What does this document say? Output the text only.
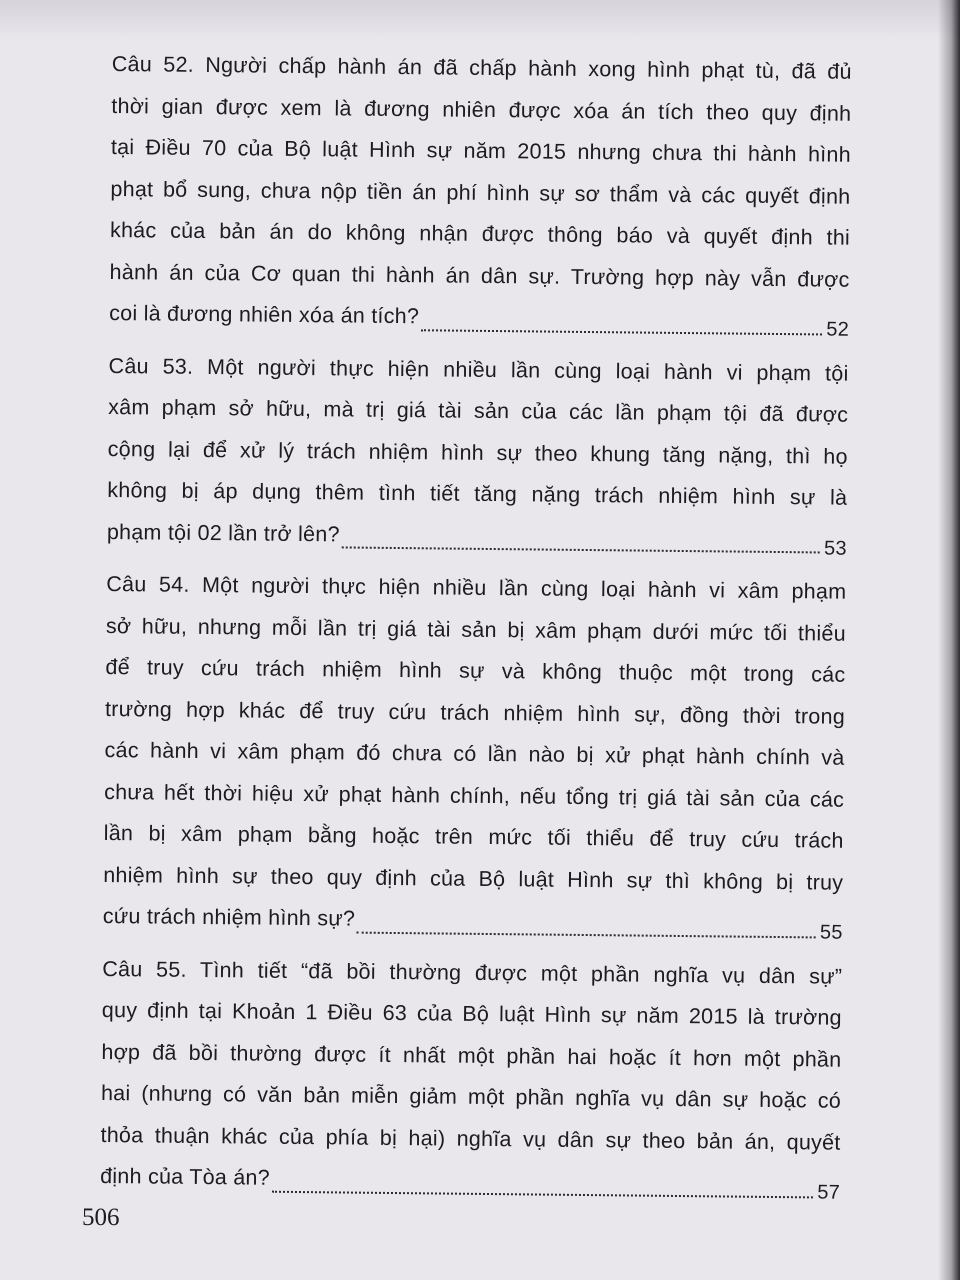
Câu 52. Người chấp hành án đã chấp hành xong hình phạt tù, đã đủ
thời gian được xem là đương nhiên được xóa án tích theo quy định
tại Điều 70 của Bộ luật Hình sự năm 2015 nhưng chưa thi hành hình
phạt bổ sung, chưa nộp tiền án phí hình sự sơ thẩm và các quyết định
khác của bản án do không nhận được thông báo và quyết định thi
hành án của Cơ quan thi hành án dân sự. Trường hợp này vẫn được
coi là đương nhiên xóa án tích?
52
Câu 53. Một người thực hiện nhiều lần cùng loại hành vi phạm tội
xâm phạm sở hữu, mà trị giá tài sản của các lần phạm tội đã được
cộng lại để xử lý trách nhiệm hình sự theo khung tăng nặng, thì họ
không bị áp dụng thêm tình tiết tăng nặng trách nhiệm hình sự là
phạm tội 02 lần trở lên?
53
Câu 54. Một người thực hiện nhiều lần cùng loại hành vi xâm phạm
sở hữu, nhưng mỗi lần trị giá tài sản bị xâm phạm dưới mức tối thiểu
để truy cứu trách nhiệm hình sự và không thuộc một trong các
trường hợp khác để truy cứu trách nhiệm hình sự, đồng thời trong
các hành vi xâm phạm đó chưa có lần nào bị xử phạt hành chính và
chưa hết thời hiệu xử phạt hành chính, nếu tổng trị giá tài sản của các
lần bị xâm phạm bằng hoặc trên mức tối thiểu để truy cứu trách
nhiệm hình sự theo quy định của Bộ luật Hình sự thì không bị truy
cứu trách nhiệm hình sự?
55
Câu 55. Tình tiết “đã bồi thường được một phần nghĩa vụ dân sự”
quy định tại Khoản 1 Điều 63 của Bộ luật Hình sự năm 2015 là trường
hợp đã bồi thường được ít nhất một phần hai hoặc ít hơn một phần
hai (nhưng có văn bản miễn giảm một phần nghĩa vụ dân sự hoặc có
thỏa thuận khác của phía bị hại) nghĩa vụ dân sự theo bản án, quyết
định của Tòa án?
57
506
